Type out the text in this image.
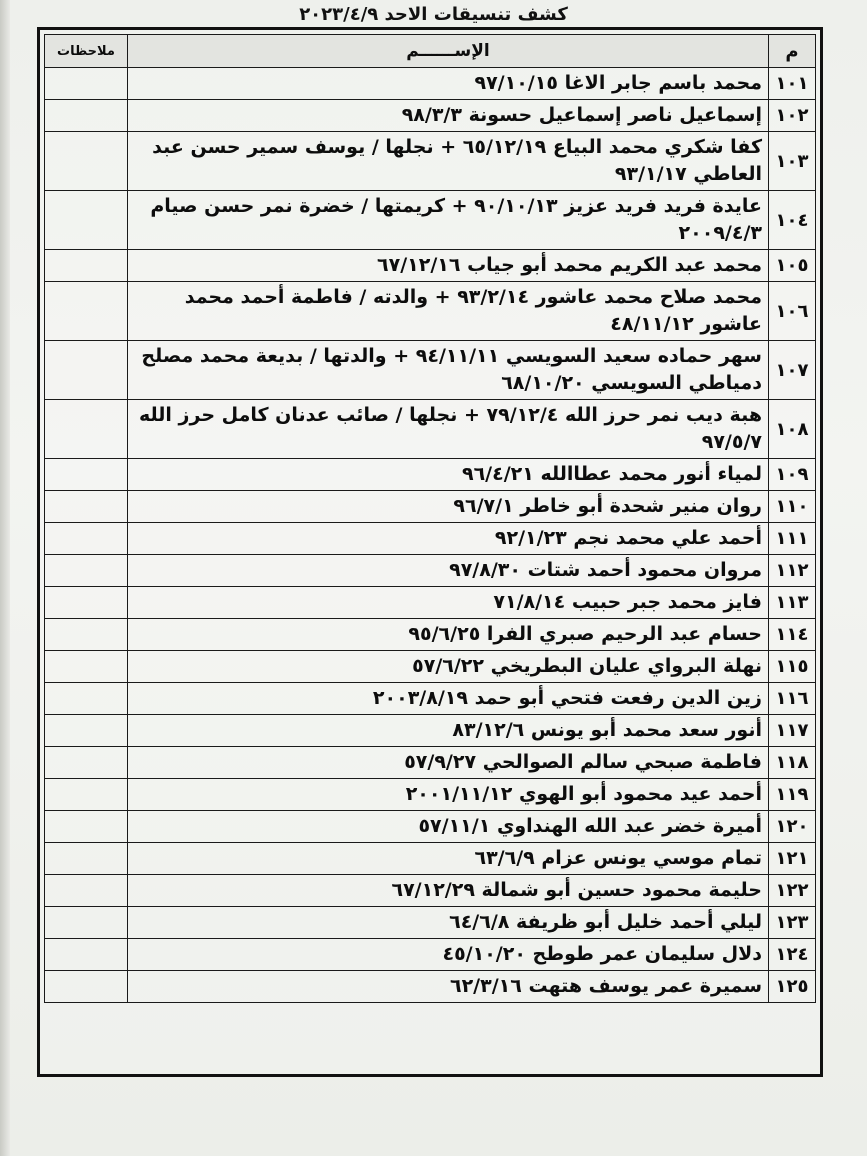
كشف تنسيقات الاحد ٢٠٢٣/٤/٩
م	الإســــــم	ملاحظات
١٠١	محمد باسم جابر الاغا ٩٧/١٠/١٥	
١٠٢	إسماعيل ناصر إسماعيل حسونة ٩٨/٣/٣	
١٠٣	كفا شكري محمد البياع ٦٥/١٢/١٩ + نجلها / يوسف سمير حسن عبد العاطي ٩٣/١/١٧	
١٠٤	عايدة فريد فريد عزيز ٩٠/١٠/١٣ + كريمتها / خضرة نمر حسن صيام ٢٠٠٩/٤/٣	
١٠٥	محمد عبد الكريم محمد أبو جياب ٦٧/١٢/١٦	
١٠٦	محمد صلاح محمد عاشور ٩٣/٢/١٤ + والدته / فاطمة أحمد محمد عاشور ٤٨/١١/١٢	
١٠٧	سهر حماده سعيد السويسي ٩٤/١١/١١ + والدتها / بديعة محمد مصلح دمياطي السويسي ٦٨/١٠/٢٠	
١٠٨	هبة ديب نمر حرز الله ٧٩/١٢/٤ + نجلها / صائب عدنان كامل حرز الله ٩٧/٥/٧	
١٠٩	لمياء أنور محمد عطاالله ٩٦/٤/٢١	
١١٠	روان منير شحدة أبو خاطر ٩٦/٧/١	
١١١	أحمد علي محمد نجم ٩٢/١/٢٣	
١١٢	مروان محمود أحمد شتات ٩٧/٨/٣٠	
١١٣	فايز محمد جبر حبيب ٧١/٨/١٤	
١١٤	حسام عبد الرحيم صبري الفرا ٩٥/٦/٢٥	
١١٥	نهلة البرواي عليان البطريخي ٥٧/٦/٢٢	
١١٦	زين الدين رفعت فتحي أبو حمد ٢٠٠٣/٨/١٩	
١١٧	أنور سعد محمد أبو يونس ٨٣/١٢/٦	
١١٨	فاطمة صبحي سالم الصوالحي ٥٧/٩/٢٧	
١١٩	أحمد عيد محمود أبو الهوي ٢٠٠١/١١/١٢	
١٢٠	أميرة خضر عبد الله الهنداوي ٥٧/١١/١	
١٢١	تمام موسي يونس عزام ٦٣/٦/٩	
١٢٢	حليمة محمود حسين أبو شمالة ٦٧/١٢/٢٩	
١٢٣	ليلي أحمد خليل أبو ظريفة ٦٤/٦/٨	
١٢٤	دلال سليمان عمر طوطح ٤٥/١٠/٢٠	
١٢٥	سميرة عمر يوسف هتهت ٦٢/٣/١٦	
